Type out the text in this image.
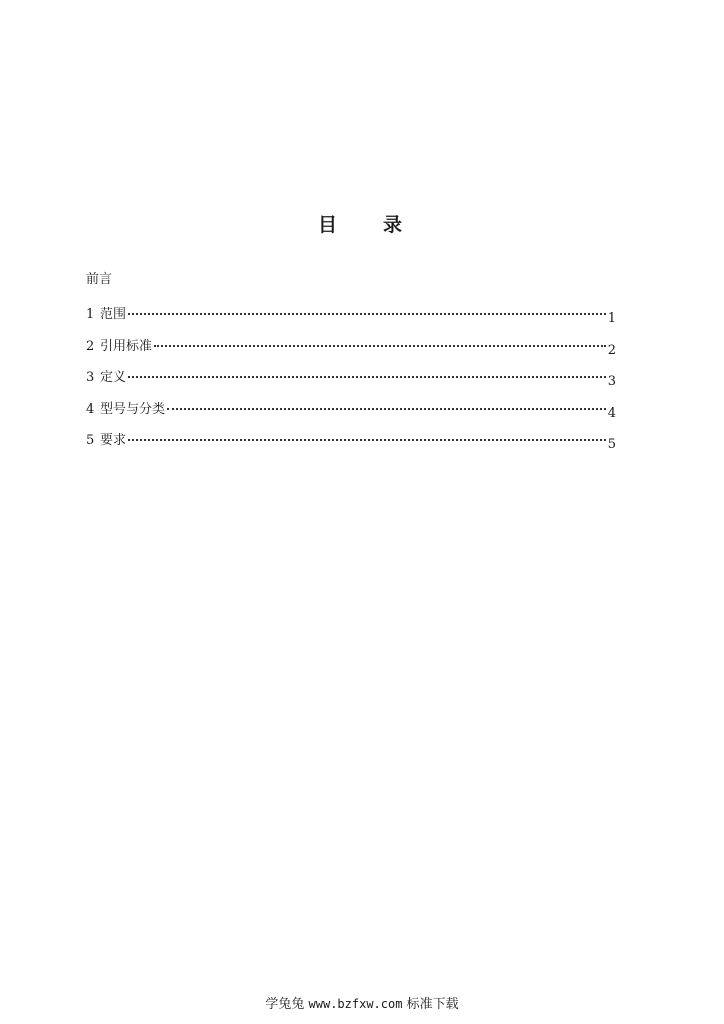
目 录
前言
1 范围	1
2 引用标准	2
3 定义	3
4 型号与分类	4
5 要求	5
学兔兔 www.bzfxw.com 标准下载
